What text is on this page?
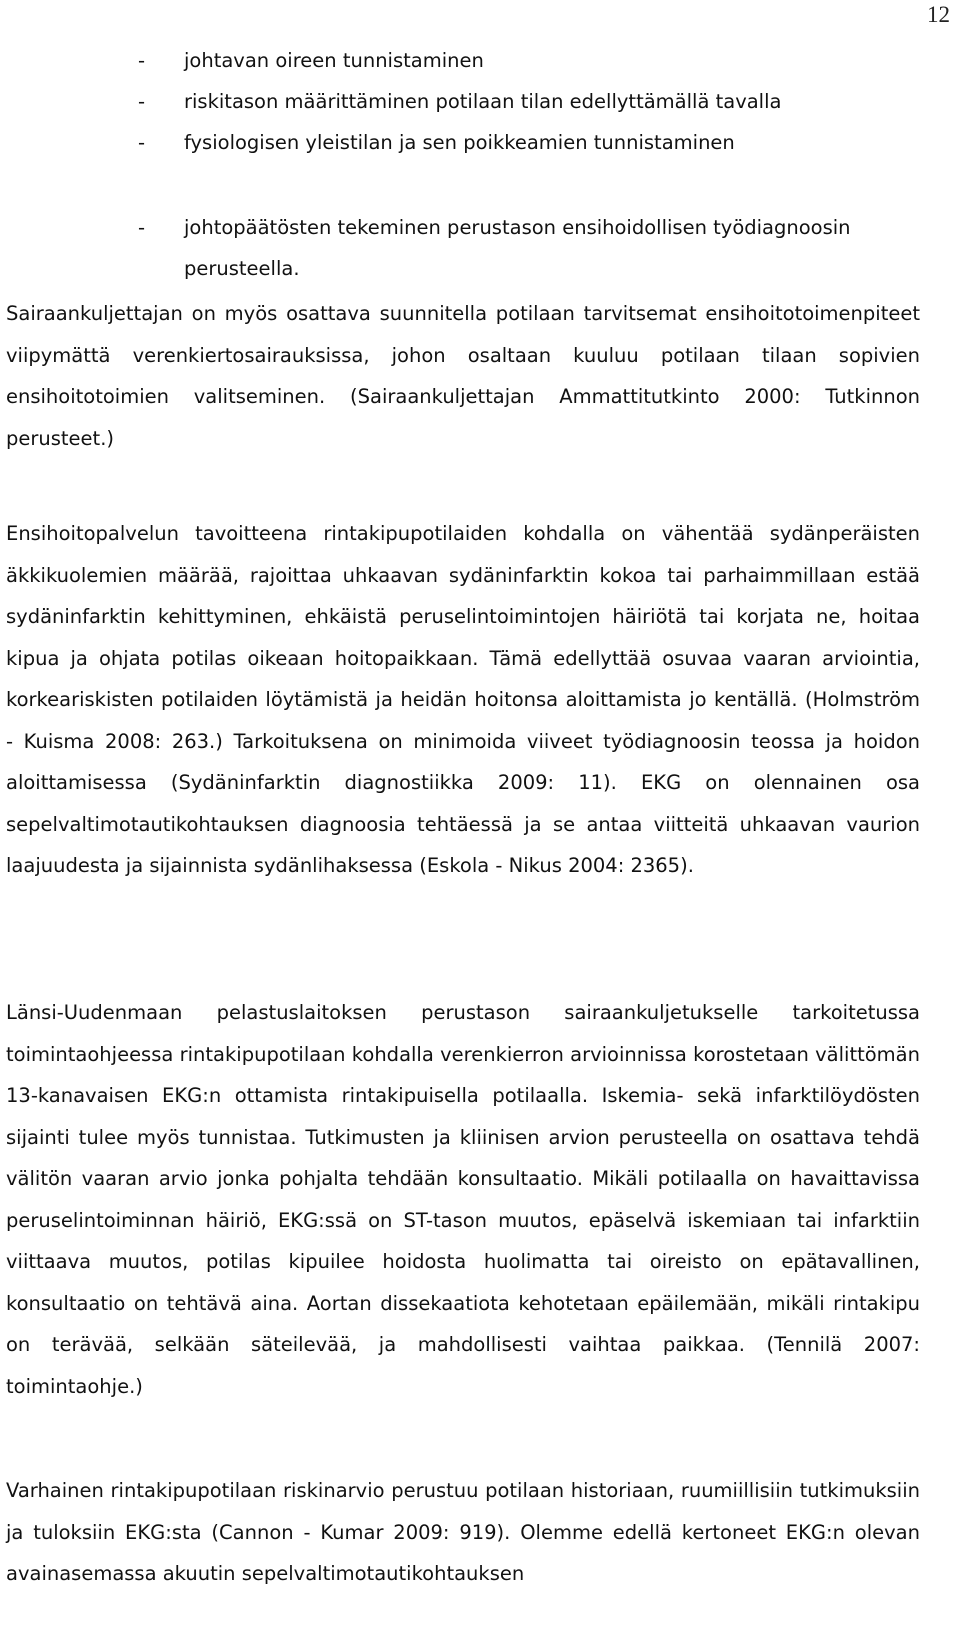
12
-	johtavan oireen tunnistaminen
-	riskitason määrittäminen potilaan tilan edellyttämällä tavalla
-	fysiologisen yleistilan ja sen poikkeamien tunnistaminen
-	johtopäätösten tekeminen perustason ensihoidollisen työdiagnoosin perusteella.

Sairaankuljettajan on myös osattava suunnitella potilaan tarvitsemat ensihoitotoimenpiteet viipymättä verenkiertosairauksissa, johon osaltaan kuuluu potilaan tilaan sopivien ensihoitotoimien valitseminen. (Sairaankuljettajan Ammattitutkinto 2000: Tutkinnon perusteet.)

Ensihoitopalvelun tavoitteena rintakipupotilaiden kohdalla on vähentää sydänperäisten äkkikuolemien määrää, rajoittaa uhkaavan sydäninfarktin kokoa tai parhaimmillaan estää sydäninfarktin kehittyminen, ehkäistä peruselintoimintojen häiriötä tai korjata ne, hoitaa kipua ja ohjata potilas oikeaan hoitopaikkaan. Tämä edellyttää osuvaa vaaran arviointia, korkeariskisten potilaiden löytämistä ja heidän hoitonsa aloittamista jo kentällä. (Holmström - Kuisma 2008: 263.) Tarkoituksena on minimoida viiveet työdiagnoosin teossa ja hoidon aloittamisessa (Sydäninfarktin diagnostiikka 2009: 11). EKG on olennainen osa sepelvaltimotautikohtauksen diagnoosia tehtäessä ja se antaa viitteitä uhkaavan vaurion laajuudesta ja sijainnista sydänlihaksessa (Eskola - Nikus 2004: 2365).

Länsi-Uudenmaan pelastuslaitoksen perustason sairaankuljetukselle tarkoitetussa toimintaohjeessa rintakipupotilaan kohdalla verenkierron arvioinnissa korostetaan välittömän 13-kanavaisen EKG:n ottamista rintakipuisella potilaalla. Iskemia- sekä infarktilöydösten sijainti tulee myös tunnistaa. Tutkimusten ja kliinisen arvion perusteella on osattava tehdä välitön vaaran arvio jonka pohjalta tehdään konsultaatio. Mikäli potilaalla on havaittavissa peruselintoiminnan häiriö, EKG:ssä on ST-tason muutos, epäselvä iskemiaan tai infarktiin viittaava muutos, potilas kipuilee hoidosta huolimatta tai oireisto on epätavallinen, konsultaatio on tehtävä aina. Aortan dissekaatiota kehotetaan epäilemään, mikäli rintakipu on terävää, selkään säteilevää, ja mahdollisesti vaihtaa paikkaa. (Tennilä 2007: toimintaohje.)

Varhainen rintakipupotilaan riskinarvio perustuu potilaan historiaan, ruumiillisiin tutkimuksiin ja tuloksiin EKG:sta (Cannon - Kumar 2009: 919). Olemme edellä kertoneet EKG:n olevan avainasemassa akuutin sepelvaltimotautikohtauksen
